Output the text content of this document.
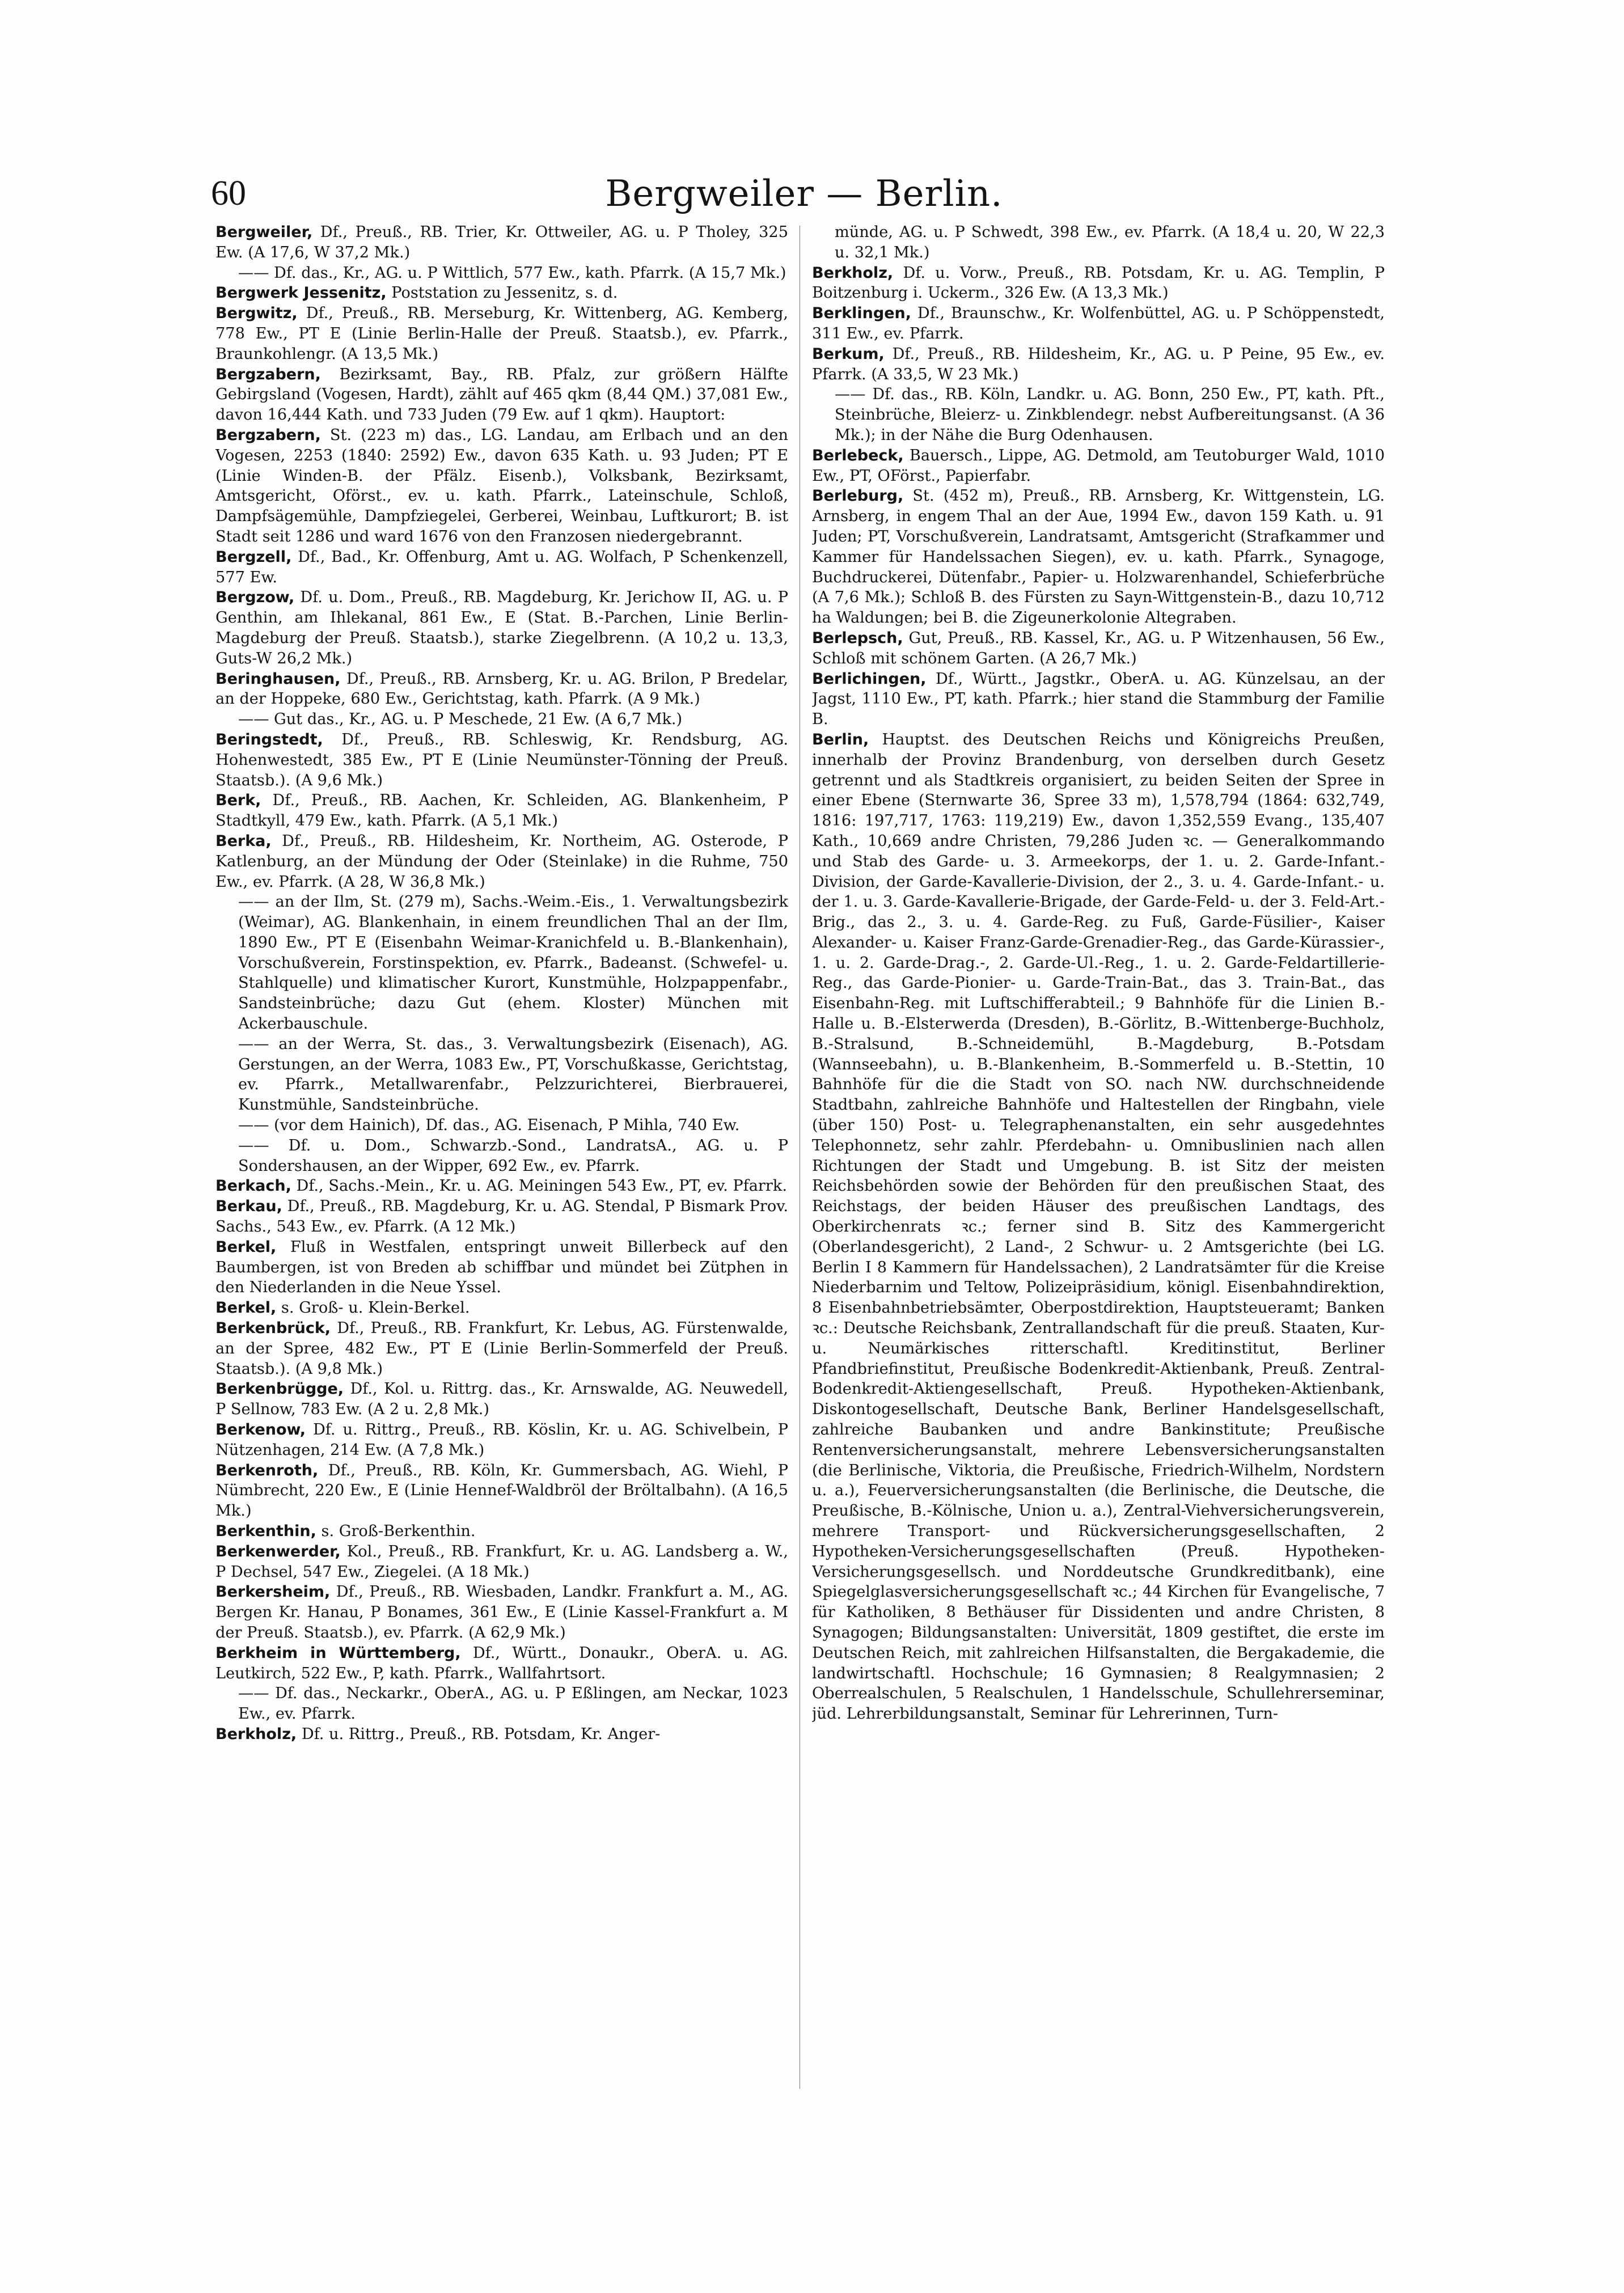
60	Bergweiler — Berlin.

Bergweiler, Df., Preuß., RB. Trier, Kr. Ottweiler, AG. u. P Tholey, 325 Ew. (A 17,6, W 37,2 Mk.)

—— Df. das., Kr., AG. u. P Wittlich, 577 Ew., kath. Pfarrk. (A 15,7 Mk.)

Bergwerk Jessenitz, Poststation zu Jessenitz, s. d.

Bergwitz, Df., Preuß., RB. Merseburg, Kr. Wittenberg, AG. Kemberg, 778 Ew., PT E (Linie Berlin-Halle der Preuß. Staatsb.), ev. Pfarrk., Braunkohlengr. (A 13,5 Mk.)

Bergzabern, Bezirksamt, Bay., RB. Pfalz, zur größern Hälfte Gebirgsland (Vogesen, Hardt), zählt auf 465 qkm (8,44 QM.) 37,081 Ew., davon 16,444 Kath. und 733 Juden (79 Ew. auf 1 qkm). Hauptort:

Bergzabern, St. (223 m) das., LG. Landau, am Erlbach und an den Vogesen, 2253 (1840: 2592) Ew., davon 635 Kath. u. 93 Juden; PT E (Linie Winden-B. der Pfälz. Eisenb.), Volksbank, Bezirksamt, Amtsgericht, Oförst., ev. u. kath. Pfarrk., Lateinschule, Schloß, Dampfsägemühle, Dampfziegelei, Gerberei, Weinbau, Luftkurort; B. ist Stadt seit 1286 und ward 1676 von den Franzosen niedergebrannt.

Bergzell, Df., Bad., Kr. Offenburg, Amt u. AG. Wolfach, P Schenkenzell, 577 Ew.

Bergzow, Df. u. Dom., Preuß., RB. Magdeburg, Kr. Jerichow II, AG. u. P Genthin, am Ihlekanal, 861 Ew., E (Stat. B.-Parchen, Linie Berlin-Magdeburg der Preuß. Staatsb.), starke Ziegelbrenn. (A 10,2 u. 13,3, Guts-W 26,2 Mk.)

Beringhausen, Df., Preuß., RB. Arnsberg, Kr. u. AG. Brilon, P Bredelar, an der Hoppeke, 680 Ew., Gerichtstag, kath. Pfarrk. (A 9 Mk.)

—— Gut das., Kr., AG. u. P Meschede, 21 Ew. (A 6,7 Mk.)

Beringstedt, Df., Preuß., RB. Schleswig, Kr. Rendsburg, AG. Hohenwestedt, 385 Ew., PT E (Linie Neumünster-Tönning der Preuß. Staatsb.). (A 9,6 Mk.)

Berk, Df., Preuß., RB. Aachen, Kr. Schleiden, AG. Blankenheim, P Stadtkyll, 479 Ew., kath. Pfarrk. (A 5,1 Mk.)

Berka, Df., Preuß., RB. Hildesheim, Kr. Northeim, AG. Osterode, P Katlenburg, an der Mündung der Oder (Steinlake) in die Ruhme, 750 Ew., ev. Pfarrk. (A 28, W 36,8 Mk.)

—— an der Ilm, St. (279 m), Sachs.-Weim.-Eis., 1. Verwaltungsbezirk (Weimar), AG. Blankenhain, in einem freundlichen Thal an der Ilm, 1890 Ew., PT E (Eisenbahn Weimar-Kranichfeld u. B.-Blankenhain), Vorschußverein, Forstinspektion, ev. Pfarrk., Badeanst. (Schwefel- u. Stahlquelle) und klimatischer Kurort, Kunstmühle, Holzpappenfabr., Sandsteinbrüche; dazu Gut (ehem. Kloster) München mit Ackerbauschule.

—— an der Werra, St. das., 3. Verwaltungsbezirk (Eisenach), AG. Gerstungen, an der Werra, 1083 Ew., PT, Vorschußkasse, Gerichtstag, ev. Pfarrk., Metallwarenfabr., Pelzzurichterei, Bierbrauerei, Kunstmühle, Sandsteinbrüche.

—— (vor dem Hainich), Df. das., AG. Eisenach, P Mihla, 740 Ew.

—— Df. u. Dom., Schwarzb.-Sond., LandratsA., AG. u. P Sondershausen, an der Wipper, 692 Ew., ev. Pfarrk.

Berkach, Df., Sachs.-Mein., Kr. u. AG. Meiningen 543 Ew., PT, ev. Pfarrk.

Berkau, Df., Preuß., RB. Magdeburg, Kr. u. AG. Stendal, P Bismark Prov. Sachs., 543 Ew., ev. Pfarrk. (A 12 Mk.)

Berkel, Fluß in Westfalen, entspringt unweit Billerbeck auf den Baumbergen, ist von Breden ab schiffbar und mündet bei Zütphen in den Niederlanden in die Neue Yssel.

Berkel, s. Groß- u. Klein-Berkel.

Berkenbrück, Df., Preuß., RB. Frankfurt, Kr. Lebus, AG. Fürstenwalde, an der Spree, 482 Ew., PT E (Linie Berlin-Sommerfeld der Preuß. Staatsb.). (A 9,8 Mk.)

Berkenbrügge, Df., Kol. u. Rittrg. das., Kr. Arnswalde, AG. Neuwedell, P Sellnow, 783 Ew. (A 2 u. 2,8 Mk.)

Berkenow, Df. u. Rittrg., Preuß., RB. Köslin, Kr. u. AG. Schivelbein, P Nützenhagen, 214 Ew. (A 7,8 Mk.)

Berkenroth, Df., Preuß., RB. Köln, Kr. Gummersbach, AG. Wiehl, P Nümbrecht, 220 Ew., E (Linie Hennef-Waldbröl der Bröltalbahn). (A 16,5 Mk.)

Berkenthin, s. Groß-Berkenthin.

Berkenwerder, Kol., Preuß., RB. Frankfurt, Kr. u. AG. Landsberg a. W., P Dechsel, 547 Ew., Ziegelei. (A 18 Mk.)

Berkersheim, Df., Preuß., RB. Wiesbaden, Landkr. Frankfurt a. M., AG. Bergen Kr. Hanau, P Bonames, 361 Ew., E (Linie Kassel-Frankfurt a. M der Preuß. Staatsb.), ev. Pfarrk. (A 62,9 Mk.)

Berkheim in Württemberg, Df., Württ., Donaukr., OberA. u. AG. Leutkirch, 522 Ew., P, kath. Pfarrk., Wallfahrtsort.

—— Df. das., Neckarkr., OberA., AG. u. P Eßlingen, am Neckar, 1023 Ew., ev. Pfarrk.

Berkholz, Df. u. Rittrg., Preuß., RB. Potsdam, Kr. Anger-

münde, AG. u. P Schwedt, 398 Ew., ev. Pfarrk. (A 18,4 u. 20, W 22,3 u. 32,1 Mk.)

Berkholz, Df. u. Vorw., Preuß., RB. Potsdam, Kr. u. AG. Templin, P Boitzenburg i. Uckerm., 326 Ew. (A 13,3 Mk.)

Berklingen, Df., Braunschw., Kr. Wolfenbüttel, AG. u. P Schöppenstedt, 311 Ew., ev. Pfarrk.

Berkum, Df., Preuß., RB. Hildesheim, Kr., AG. u. P Peine, 95 Ew., ev. Pfarrk. (A 33,5, W 23 Mk.)

—— Df. das., RB. Köln, Landkr. u. AG. Bonn, 250 Ew., PT, kath. Pft., Steinbrüche, Bleierz- u. Zinkblendegr. nebst Aufbereitungsanst. (A 36 Mk.); in der Nähe die Burg Odenhausen.

Berlebeck, Bauersch., Lippe, AG. Detmold, am Teutoburger Wald, 1010 Ew., PT, OFörst., Papierfabr.

Berleburg, St. (452 m), Preuß., RB. Arnsberg, Kr. Wittgenstein, LG. Arnsberg, in engem Thal an der Aue, 1994 Ew., davon 159 Kath. u. 91 Juden; PT, Vorschußverein, Landratsamt, Amtsgericht (Strafkammer und Kammer für Handelssachen Siegen), ev. u. kath. Pfarrk., Synagoge, Buchdruckerei, Dütenfabr., Papier- u. Holzwarenhandel, Schieferbrüche (A 7,6 Mk.); Schloß B. des Fürsten zu Sayn-Wittgenstein-B., dazu 10,712 ha Waldungen; bei B. die Zigeunerkolonie Altegraben.

Berlepsch, Gut, Preuß., RB. Kassel, Kr., AG. u. P Witzenhausen, 56 Ew., Schloß mit schönem Garten. (A 26,7 Mk.)

Berlichingen, Df., Württ., Jagstkr., OberA. u. AG. Künzelsau, an der Jagst, 1110 Ew., PT, kath. Pfarrk.; hier stand die Stammburg der Familie B.

Berlin, Hauptst. des Deutschen Reichs und Königreichs Preußen, innerhalb der Provinz Brandenburg, von derselben durch Gesetz getrennt und als Stadtkreis organisiert, zu beiden Seiten der Spree in einer Ebene (Sternwarte 36, Spree 33 m), 1,578,794 (1864: 632,749, 1816: 197,717, 1763: 119,219) Ew., davon 1,352,559 Evang., 135,407 Kath., 10,669 andre Christen, 79,286 Juden ꝛc. — Generalkommando und Stab des Garde- u. 3. Armeekorps, der 1. u. 2. Garde-Infant.-Division, der Garde-Kavallerie-Division, der 2., 3. u. 4. Garde-Infant.- u. der 1. u. 3. Garde-Kavallerie-Brigade, der Garde-Feld- u. der 3. Feld-Art.-Brig., das 2., 3. u. 4. Garde-Reg. zu Fuß, Garde-Füsilier-, Kaiser Alexander- u. Kaiser Franz-Garde-Grenadier-Reg., das Garde-Kürassier-, 1. u. 2. Garde-Drag.-, 2. Garde-Ul.-Reg., 1. u. 2. Garde-Feldartillerie-Reg., das Garde-Pionier- u. Garde-Train-Bat., das 3. Train-Bat., das Eisenbahn-Reg. mit Luftschifferabteil.; 9 Bahnhöfe für die Linien B.-Halle u. B.-Elsterwerda (Dresden), B.-Görlitz, B.-Wittenberge-Buchholz, B.-Stralsund, B.-Schneidemühl, B.-Magdeburg, B.-Potsdam (Wannseebahn), u. B.-Blankenheim, B.-Sommerfeld u. B.-Stettin, 10 Bahnhöfe für die die Stadt von SO. nach NW. durchschneidende Stadtbahn, zahlreiche Bahnhöfe und Haltestellen der Ringbahn, viele (über 150) Post- u. Telegraphenanstalten, ein sehr ausgedehntes Telephonnetz, sehr zahlr. Pferdebahn- u. Omnibuslinien nach allen Richtungen der Stadt und Umgebung. B. ist Sitz der meisten Reichsbehörden sowie der Behörden für den preußischen Staat, des Reichstags, der beiden Häuser des preußischen Landtags, des Oberkirchenrats ꝛc.; ferner sind B. Sitz des Kammergericht (Oberlandesgericht), 2 Land-, 2 Schwur- u. 2 Amtsgerichte (bei LG. Berlin I 8 Kammern für Handelssachen), 2 Landratsämter für die Kreise Niederbarnim und Teltow, Polizeipräsidium, königl. Eisenbahndirektion, 8 Eisenbahnbetriebsämter, Oberpostdirektion, Hauptsteueramt; Banken ꝛc.: Deutsche Reichsbank, Zentrallandschaft für die preuß. Staaten, Kur- u. Neumärkisches ritterschaftl. Kreditinstitut, Berliner Pfandbriefinstitut, Preußische Bodenkredit-Aktienbank, Preuß. Zentral-Bodenkredit-Aktiengesellschaft, Preuß. Hypotheken-Aktienbank, Diskontogesellschaft, Deutsche Bank, Berliner Handelsgesellschaft, zahlreiche Baubanken und andre Bankinstitute; Preußische Rentenversicherungsanstalt, mehrere Lebensversicherungsanstalten (die Berlinische, Viktoria, die Preußische, Friedrich-Wilhelm, Nordstern u. a.), Feuerversicherungsanstalten (die Berlinische, die Deutsche, die Preußische, B.-Kölnische, Union u. a.), Zentral-Viehversicherungsverein, mehrere Transport- und Rückversicherungsgesellschaften, 2 Hypotheken-Versicherungsgesellschaften (Preuß. Hypotheken-Versicherungsgesellsch. und Norddeutsche Grundkreditbank), eine Spiegelglasversicherungsgesellschaft ꝛc.; 44 Kirchen für Evangelische, 7 für Katholiken, 8 Bethäuser für Dissidenten und andre Christen, 8 Synagogen; Bildungsanstalten: Universität, 1809 gestiftet, die erste im Deutschen Reich, mit zahlreichen Hilfsanstalten, die Bergakademie, die landwirtschaftl. Hochschule; 16 Gymnasien; 8 Realgymnasien; 2 Oberrealschulen, 5 Realschulen, 1 Handelsschule, Schullehrerseminar, jüd. Lehrerbildungsanstalt, Seminar für Lehrerinnen, Turn-
